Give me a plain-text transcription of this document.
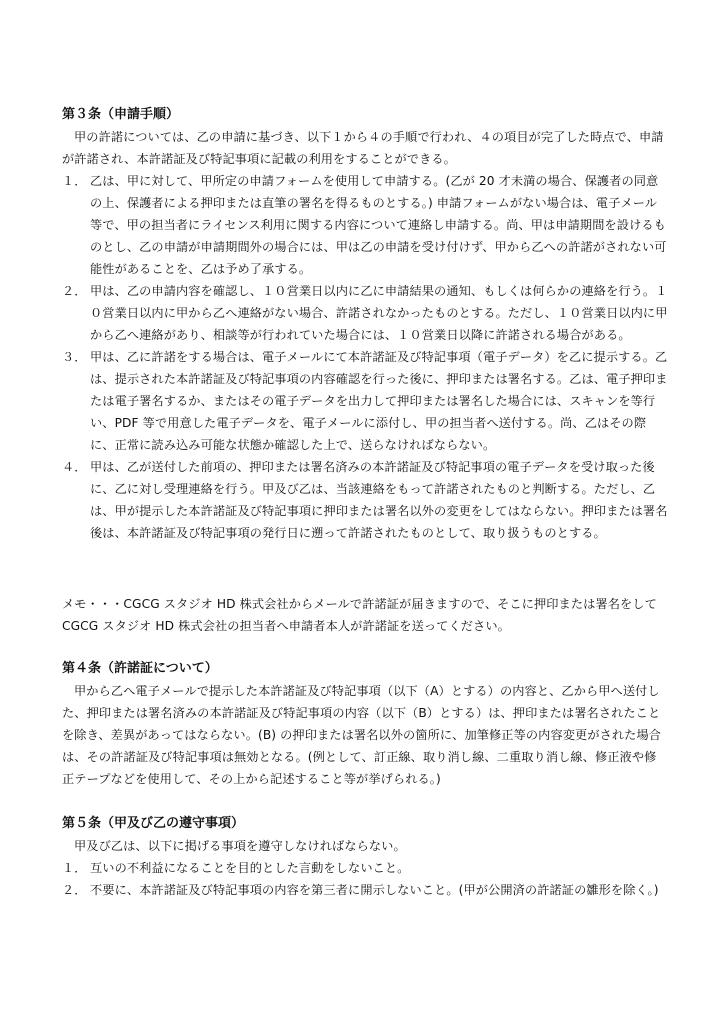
第３条（申請手順）

甲の許諾については、乙の申請に基づき、以下１から４の手順で行われ、４の項目が完了した時点で、申請が許諾され、本許諾証及び特記事項に記載の利用をすることができる。

１． 乙は、甲に対して、甲所定の申請フォームを使用して申請する。(乙が 20 才未満の場合、保護者の同意の上、保護者による押印または直筆の署名を得るものとする。) 申請フォームがない場合は、電子メール等で、甲の担当者にライセンス利用に関する内容について連絡し申請する。尚、甲は申請期間を設けるものとし、乙の申請が申請期間外の場合には、甲は乙の申請を受け付けず、甲から乙への許諾がされない可能性があることを、乙は予め了承する。
２． 甲は、乙の申請内容を確認し、１０営業日以内に乙に申請結果の通知、もしくは何らかの連絡を行う。１０営業日以内に甲から乙へ連絡がない場合、許諾されなかったものとする。ただし、１０営業日以内に甲から乙へ連絡があり、相談等が行われていた場合には、１０営業日以降に許諾される場合がある。
３． 甲は、乙に許諾をする場合は、電子メールにて本許諾証及び特記事項（電子データ）を乙に提示する。乙は、提示された本許諾証及び特記事項の内容確認を行った後に、押印または署名する。乙は、電子押印または電子署名するか、またはその電子データを出力して押印または署名した場合には、スキャンを等行い、PDF 等で用意した電子データを、電子メールに添付し、甲の担当者へ送付する。尚、乙はその際に、正常に読み込み可能な状態か確認した上で、送らなければならない。
４． 甲は、乙が送付した前項の、押印または署名済みの本許諾証及び特記事項の電子データを受け取った後に、乙に対し受理連絡を行う。甲及び乙は、当該連絡をもって許諾されたものと判断する。ただし、乙は、甲が提示した本許諾証及び特記事項に押印または署名以外の変更をしてはならない。押印または署名後は、本許諾証及び特記事項の発行日に遡って許諾されたものとして、取り扱うものとする。

メモ・・・CGCG スタジオ HD 株式会社からメールで許諾証が届きますので、そこに押印または署名をして CGCG スタジオ HD 株式会社の担当者へ申請者本人が許諾証を送ってください。

第４条（許諾証について）

甲から乙へ電子メールで提示した本許諾証及び特記事項（以下（A）とする）の内容と、乙から甲へ送付した、押印または署名済みの本許諾証及び特記事項の内容（以下（B）とする）は、押印または署名されたことを除き、差異があってはならない。(B) の押印または署名以外の箇所に、加筆修正等の内容変更がされた場合は、その許諾証及び特記事項は無効となる。(例として、訂正線、取り消し線、二重取り消し線、修正液や修正テープなどを使用して、その上から記述すること等が挙げられる。)

第５条（甲及び乙の遵守事項）

甲及び乙は、以下に掲げる事項を遵守しなければならない。

１． 互いの不利益になることを目的とした言動をしないこと。
２． 不要に、本許諾証及び特記事項の内容を第三者に開示しないこと。(甲が公開済の許諾証の雛形を除く。)
